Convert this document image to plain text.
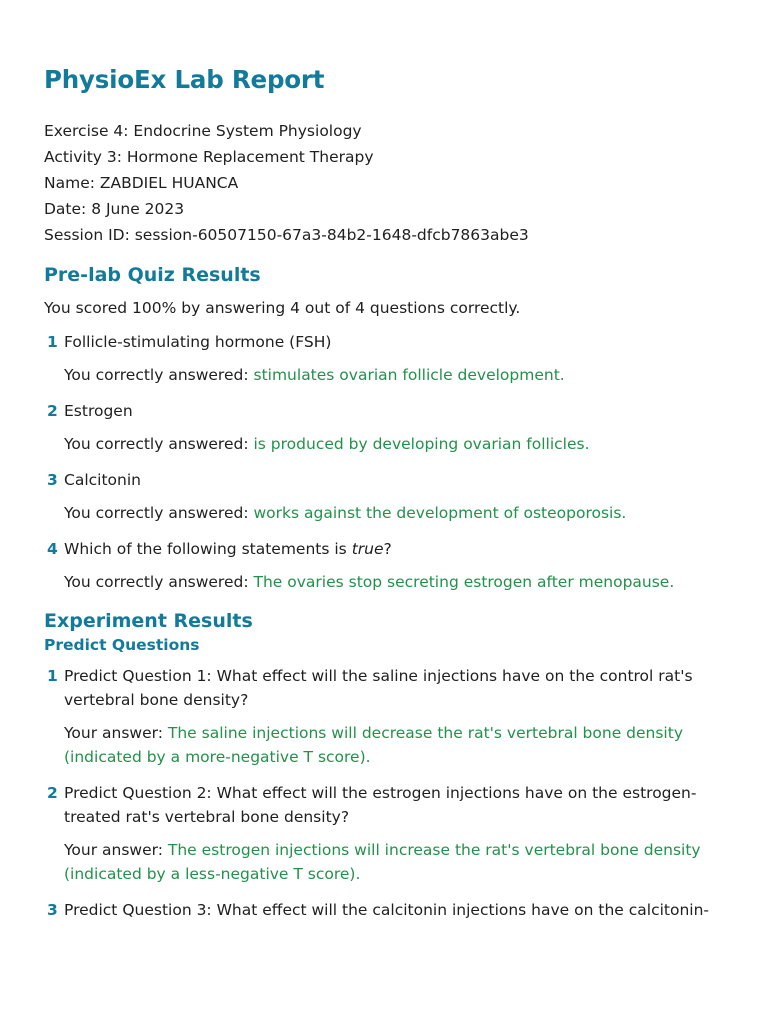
PhysioEx Lab Report
Exercise 4: Endocrine System Physiology
Activity 3: Hormone Replacement Therapy
Name: ZABDIEL HUANCA
Date: 8 June 2023
Session ID: session-60507150-67a3-84b2-1648-dfcb7863abe3
Pre-lab Quiz Results
You scored 100% by answering 4 out of 4 questions correctly.
1 Follicle-stimulating hormone (FSH)
You correctly answered: stimulates ovarian follicle development.
2 Estrogen
You correctly answered: is produced by developing ovarian follicles.
3 Calcitonin
You correctly answered: works against the development of osteoporosis.
4 Which of the following statements is true?
You correctly answered: The ovaries stop secreting estrogen after menopause.
Experiment Results
Predict Questions
1 Predict Question 1: What effect will the saline injections have on the control rat's vertebral bone density?
Your answer: The saline injections will decrease the rat's vertebral bone density (indicated by a more-negative T score).
2 Predict Question 2: What effect will the estrogen injections have on the estrogen-treated rat's vertebral bone density?
Your answer: The estrogen injections will increase the rat's vertebral bone density (indicated by a less-negative T score).
3 Predict Question 3: What effect will the calcitonin injections have on the calcitonin-
